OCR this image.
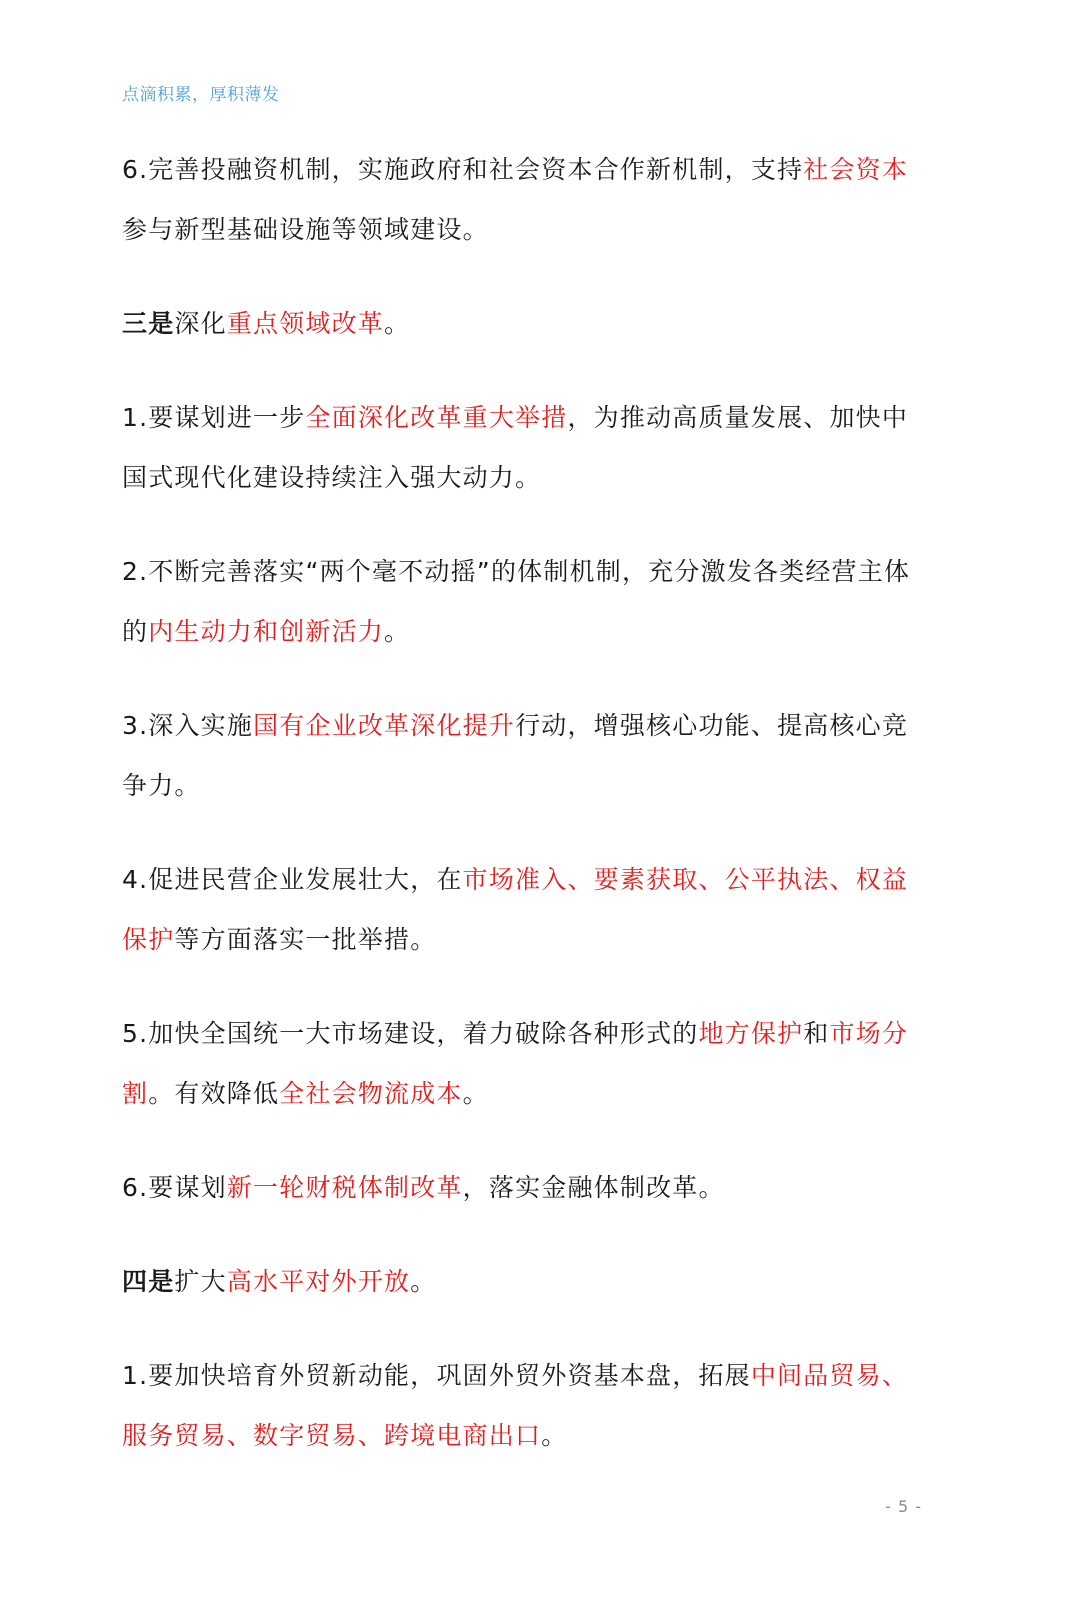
点滴积累，厚积薄发

6.完善投融资机制，实施政府和社会资本合作新机制，支持社会资本参与新型基础设施等领域建设。

三是深化重点领域改革。

1.要谋划进一步全面深化改革重大举措，为推动高质量发展、加快中国式现代化建设持续注入强大动力。

2.不断完善落实“两个毫不动摇”的体制机制，充分激发各类经营主体的内生动力和创新活力。

3.深入实施国有企业改革深化提升行动，增强核心功能、提高核心竞争力。

4.促进民营企业发展壮大，在市场准入、要素获取、公平执法、权益保护等方面落实一批举措。

5.加快全国统一大市场建设，着力破除各种形式的地方保护和市场分割。有效降低全社会物流成本。

6.要谋划新一轮财税体制改革，落实金融体制改革。

四是扩大高水平对外开放。

1.要加快培育外贸新动能，巩固外贸外资基本盘，拓展中间品贸易、服务贸易、数字贸易、跨境电商出口。

- 5 -
